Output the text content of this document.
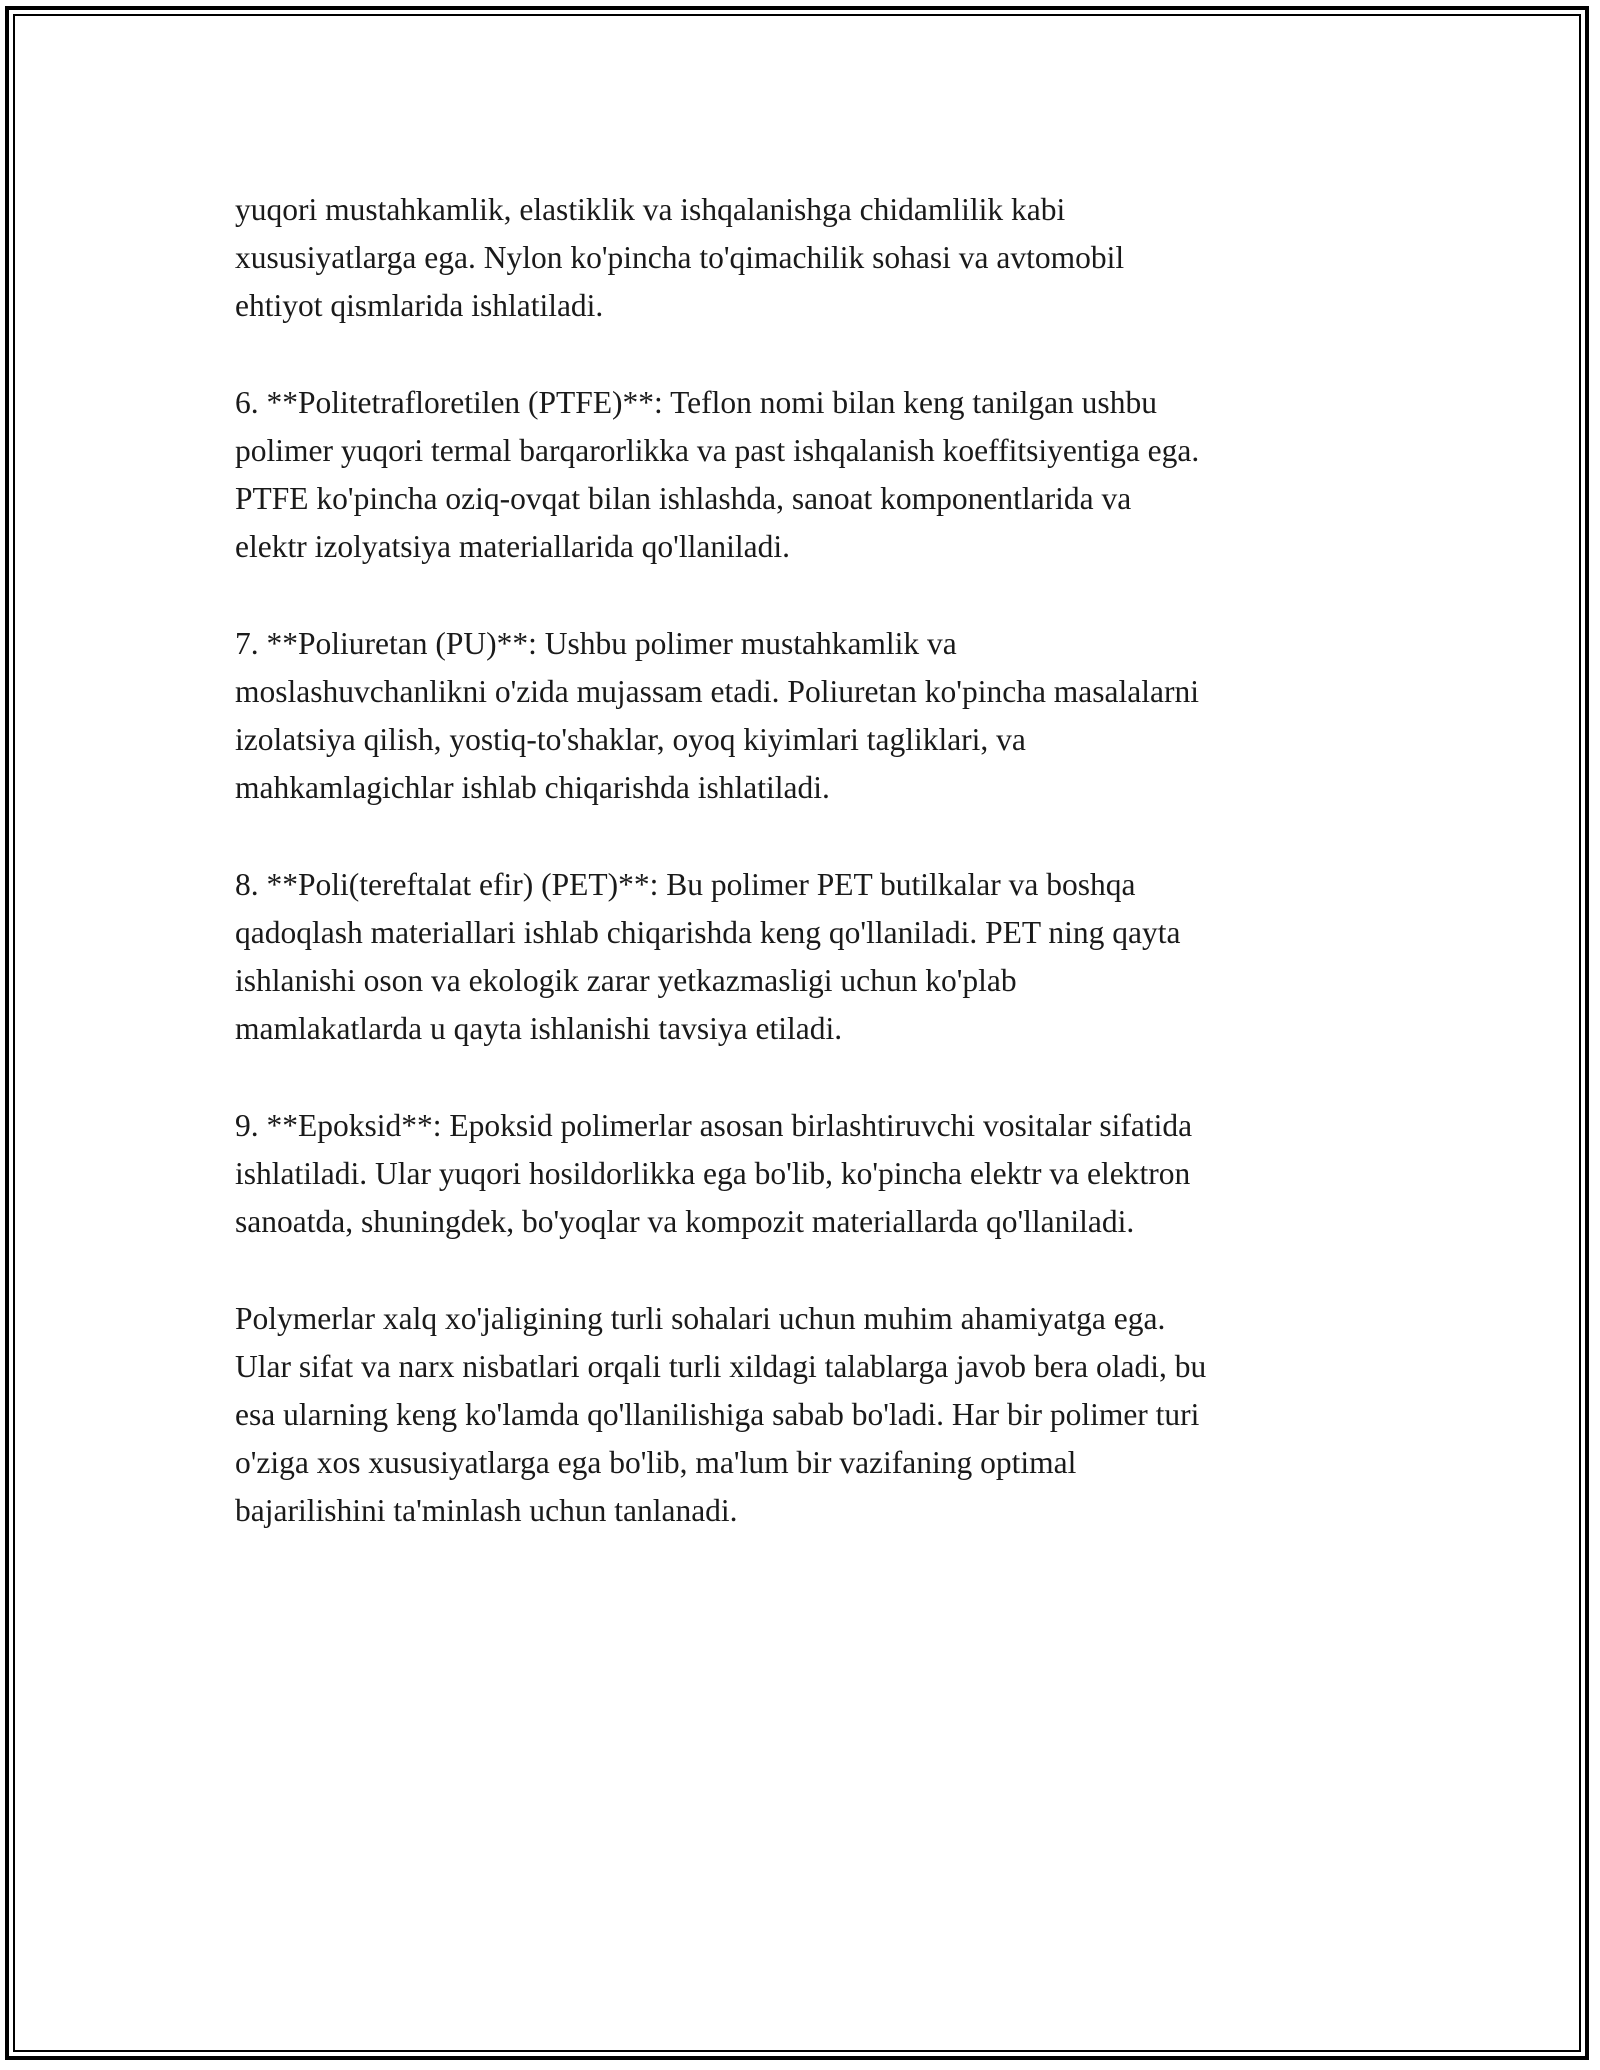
yuqori mustahkamlik, elastiklik va ishqalanishga chidamlilik kabi
xususiyatlarga ega. Nylon ko'pincha to'qimachilik sohasi va avtomobil
ehtiyot qismlarida ishlatiladi.

6. **Politetrafloretilen (PTFE)**: Teflon nomi bilan keng tanilgan ushbu
polimer yuqori termal barqarorlikka va past ishqalanish koeffitsiyentiga ega.
PTFE ko'pincha oziq-ovqat bilan ishlashda, sanoat komponentlarida va
elektr izolyatsiya materiallarida qo'llaniladi.

7. **Poliuretan (PU)**: Ushbu polimer mustahkamlik va
moslashuvchanlikni o'zida mujassam etadi. Poliuretan ko'pincha masalalarni
izolatsiya qilish, yostiq-to'shaklar, oyoq kiyimlari tagliklari, va
mahkamlagichlar ishlab chiqarishda ishlatiladi.

8. **Poli(tereftalat efir) (PET)**: Bu polimer PET butilkalar va boshqa
qadoqlash materiallari ishlab chiqarishda keng qo'llaniladi. PET ning qayta
ishlanishi oson va ekologik zarar yetkazmasligi uchun ko'plab
mamlakatlarda u qayta ishlanishi tavsiya etiladi.

9. **Epoksid**: Epoksid polimerlar asosan birlashtiruvchi vositalar sifatida
ishlatiladi. Ular yuqori hosildorlikka ega bo'lib, ko'pincha elektr va elektron
sanoatda, shuningdek, bo'yoqlar va kompozit materiallarda qo'llaniladi.

Polymerlar xalq xo'jaligining turli sohalari uchun muhim ahamiyatga ega.
Ular sifat va narx nisbatlari orqali turli xildagi talablarga javob bera oladi, bu
esa ularning keng ko'lamda qo'llanilishiga sabab bo'ladi. Har bir polimer turi
o'ziga xos xususiyatlarga ega bo'lib, ma'lum bir vazifaning optimal
bajarilishini ta'minlash uchun tanlanadi.
